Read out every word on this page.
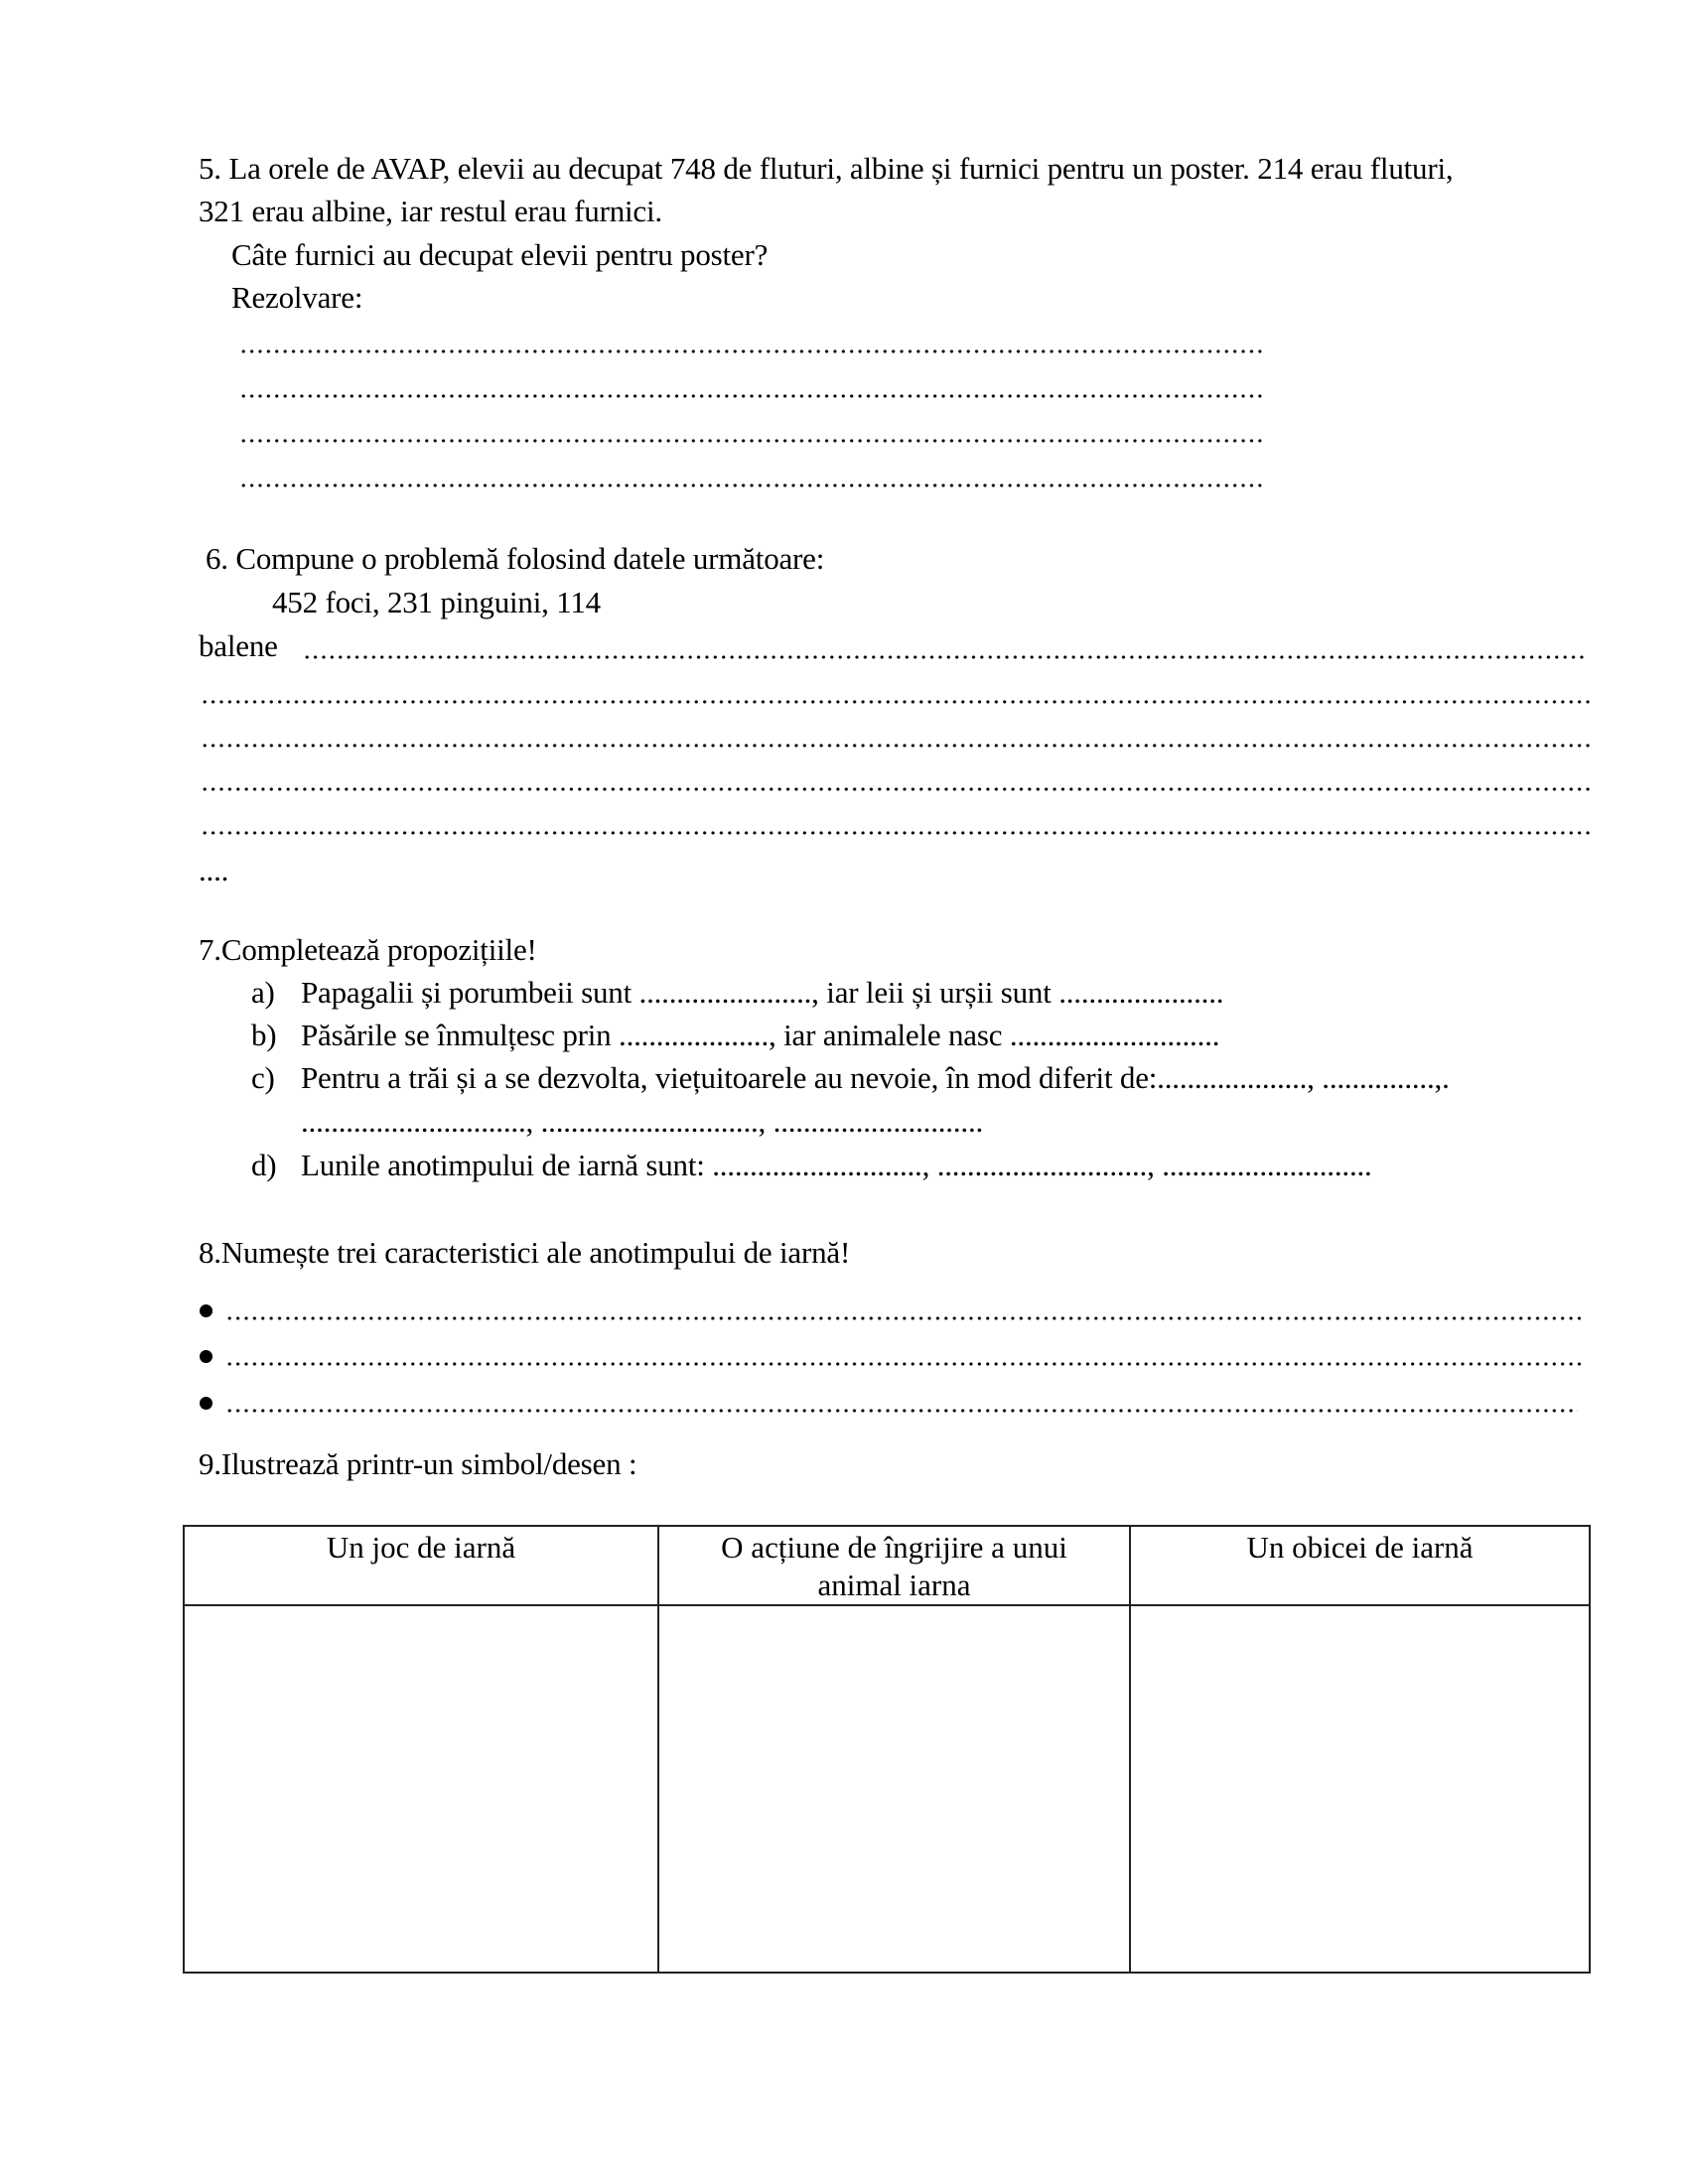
5. La orele de AVAP, elevii au decupat 748 de fluturi, albine și furnici pentru un poster. 214 erau fluturi,
321 erau albine, iar restul erau furnici.
Câte furnici au decupat elevii pentru poster?
Rezolvare:
6. Compune o problemă folosind datele următoare:
452 foci, 231 pinguini, 114
balene
....
7.Completează propozițiile!
a) Papagalii și porumbeii sunt ......................., iar leii și urșii sunt ......................
b) Păsările se înmulțesc prin ...................., iar animalele nasc ............................
c) Pentru a trăi și a se dezvolta, viețuitoarele au nevoie, în mod diferit de:...................., ...............,.
.............................., ............................., ............................
d) Lunile anotimpului de iarnă sunt: ............................, ............................, ............................
8.Numește trei caracteristici ale anotimpului de iarnă!
9.Ilustrează printr-un simbol/desen :
Un joc de iarnă	O acțiune de îngrijire a unui animal iarna	Un obicei de iarnă
